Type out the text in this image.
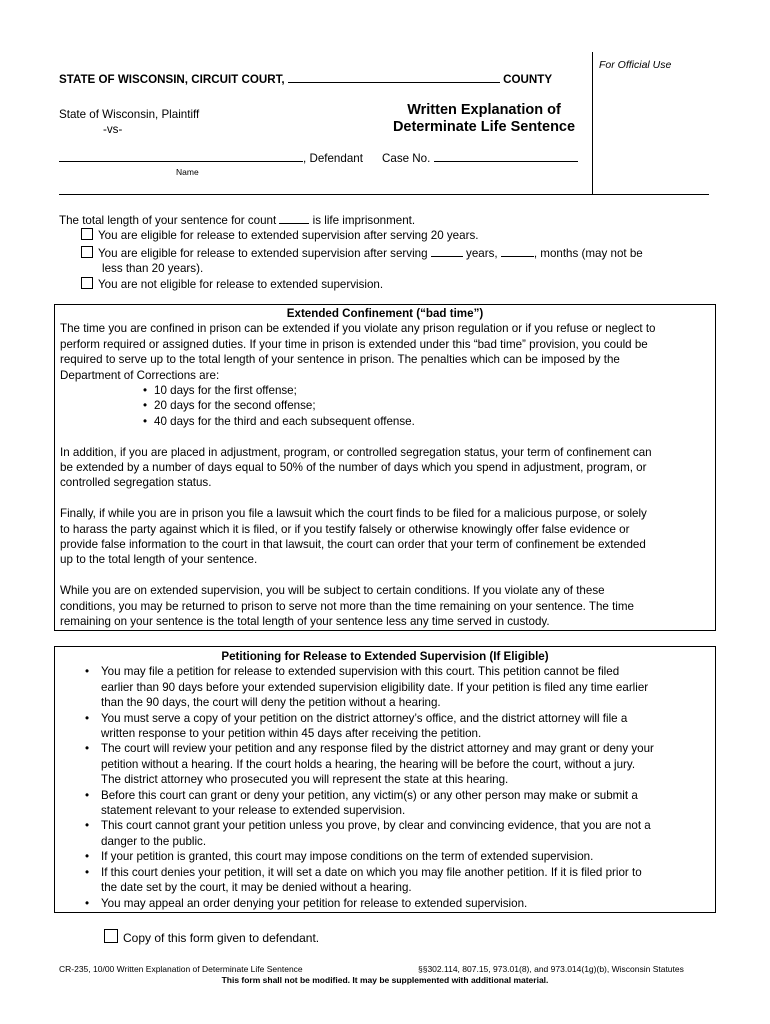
For Official Use
STATE OF WISCONSIN, CIRCUIT COURT,	COUNTY
State of Wisconsin, Plaintiff
-vs-
Written Explanation of
Determinate Life Sentence
, Defendant
Name
Case No.
The total length of your sentence for count	is life imprisonment.
You are eligible for release to extended supervision after serving 20 years.
You are eligible for release to extended supervision after serving	years,	, months (may not be
less than 20 years).
You are not eligible for release to extended supervision.
Extended Confinement (“bad time”)
The time you are confined in prison can be extended if you violate any prison regulation or if you refuse or neglect to
perform required or assigned duties. If your time in prison is extended under this “bad time” provision, you could be
required to serve up to the total length of your sentence in prison. The penalties which can be imposed by the
Department of Corrections are:
• 10 days for the first offense;
• 20 days for the second offense;
• 40 days for the third and each subsequent offense.
In addition, if you are placed in adjustment, program, or controlled segregation status, your term of confinement can
be extended by a number of days equal to 50% of the number of days which you spend in adjustment, program, or
controlled segregation status.
Finally, if while you are in prison you file a lawsuit which the court finds to be filed for a malicious purpose, or solely
to harass the party against which it is filed, or if you testify falsely or otherwise knowingly offer false evidence or
provide false information to the court in that lawsuit, the court can order that your term of confinement be extended
up to the total length of your sentence.
While you are on extended supervision, you will be subject to certain conditions. If you violate any of these
conditions, you may be returned to prison to serve not more than the time remaining on your sentence. The time
remaining on your sentence is the total length of your sentence less any time served in custody.
Petitioning for Release to Extended Supervision (If Eligible)
• You may file a petition for release to extended supervision with this court. This petition cannot be filed
earlier than 90 days before your extended supervision eligibility date. If your petition is filed any time earlier
than the 90 days, the court will deny the petition without a hearing.
• You must serve a copy of your petition on the district attorney’s office, and the district attorney will file a
written response to your petition within 45 days after receiving the petition.
• The court will review your petition and any response filed by the district attorney and may grant or deny your
petition without a hearing. If the court holds a hearing, the hearing will be before the court, without a jury.
The district attorney who prosecuted you will represent the state at this hearing.
• Before this court can grant or deny your petition, any victim(s) or any other person may make or submit a
statement relevant to your release to extended supervision.
• This court cannot grant your petition unless you prove, by clear and convincing evidence, that you are not a
danger to the public.
• If your petition is granted, this court may impose conditions on the term of extended supervision.
• If this court denies your petition, it will set a date on which you may file another petition. If it is filed prior to
the date set by the court, it may be denied without a hearing.
• You may appeal an order denying your petition for release to extended supervision.
Copy of this form given to defendant.
CR-235, 10/00 Written Explanation of Determinate Life Sentence	§§302.114, 807.15, 973.01(8), and 973.014(1g)(b), Wisconsin Statutes
This form shall not be modified. It may be supplemented with additional material.
